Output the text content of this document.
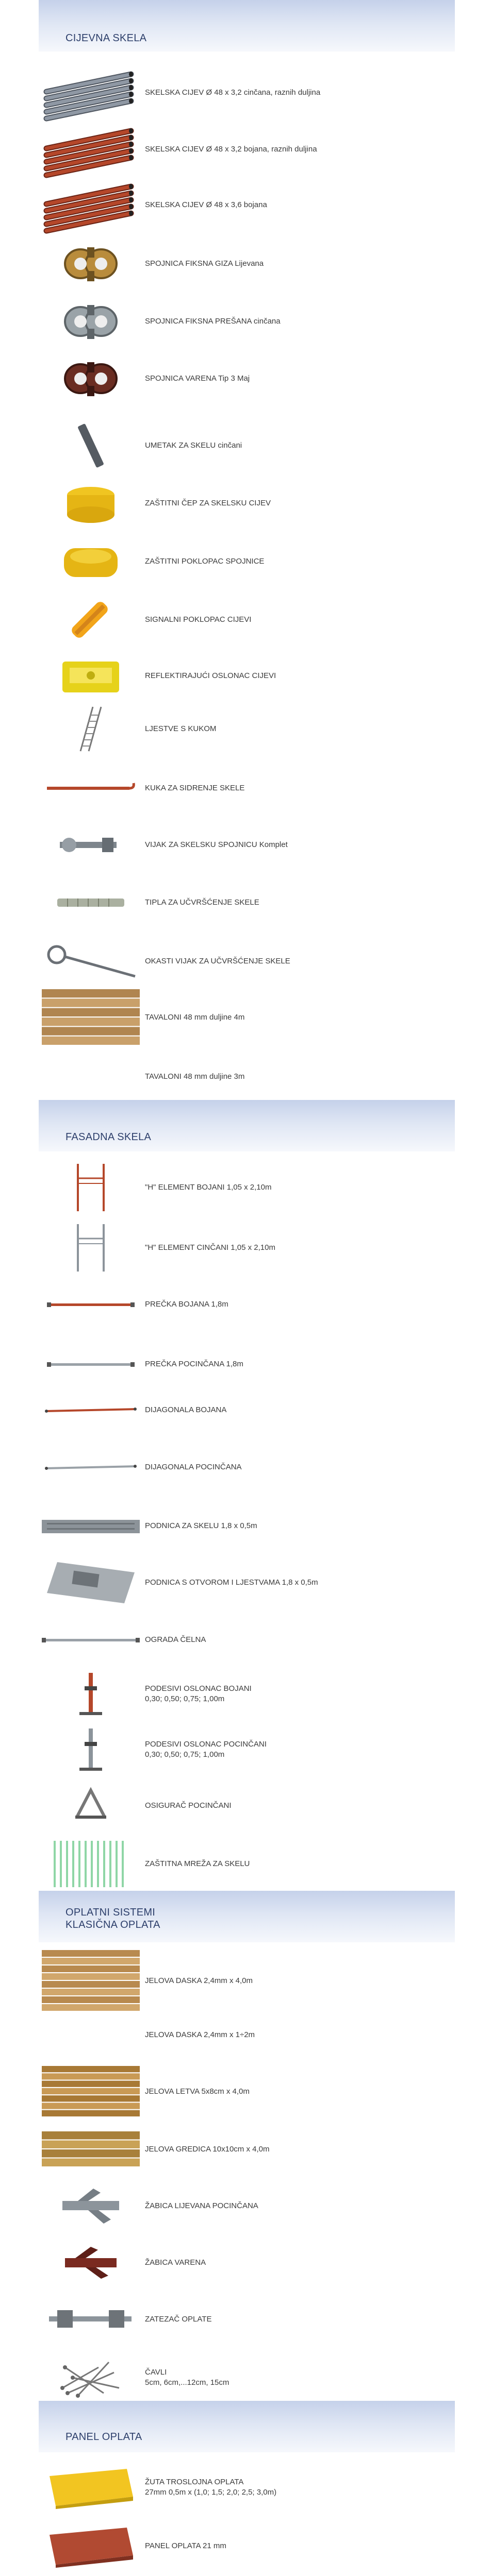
CIJEVNA SKELA
SKELSKA CIJEV Ø 48 x 3,2 cinčana, raznih duljina
SKELSKA CIJEV Ø 48 x 3,2 bojana, raznih duljina
SKELSKA CIJEV Ø 48 x 3,6 bojana
SPOJNICA FIKSNA GIZA Lijevana
SPOJNICA FIKSNA PREŠANA cinčana
SPOJNICA VARENA Tip 3 Maj
UMETAK ZA SKELU cinčani
ZAŠTITNI ČEP ZA SKELSKU CIJEV
ZAŠTITNI POKLOPAC SPOJNICE
SIGNALNI POKLOPAC CIJEVI
REFLEKTIRAJUĆI OSLONAC CIJEVI
LJESTVE S KUKOM
KUKA ZA SIDRENJE SKELE
VIJAK ZA SKELSKU SPOJNICU Komplet
TIPLA ZA UČVRŠĆENJE SKELE
OKASTI VIJAK ZA UČVRŠĆENJE SKELE
TAVALONI 48 mm duljine 4m
TAVALONI 48 mm duljine 3m
FASADNA SKELA
"H" ELEMENT BOJANI 1,05 x 2,10m
"H" ELEMENT CINČANI 1,05 x 2,10m
PREČKA BOJANA 1,8m
PREČKA POCINČANA 1,8m
DIJAGONALA BOJANA
DIJAGONALA POCINČANA
PODNICA ZA SKELU 1,8 x 0,5m
PODNICA S OTVOROM I LJESTVAMA 1,8 x 0,5m
OGRADA ČELNA
PODESIVI OSLONAC BOJANI
0,30; 0,50; 0,75; 1,00m
PODESIVI OSLONAC POCINČANI
0,30; 0,50; 0,75; 1,00m
OSIGURAČ POCINČANI
ZAŠTITNA MREŽA ZA SKELU
OPLATNI SISTEMI
KLASIČNA OPLATA
JELOVA DASKA 2,4mm x 4,0m
JELOVA DASKA 2,4mm x 1÷2m
JELOVA LETVA 5x8cm x 4,0m
JELOVA GREDICA 10x10cm x 4,0m
ŽABICA LIJEVANA POCINČANA
ŽABICA VARENA
ZATEZAČ OPLATE
ČAVLI
5cm, 6cm,...12cm, 15cm
PANEL OPLATA
ŽUTA TROSLOJNA OPLATA
27mm 0,5m x (1,0; 1,5; 2,0; 2,5; 3,0m)
PANEL OPLATA 21 mm
